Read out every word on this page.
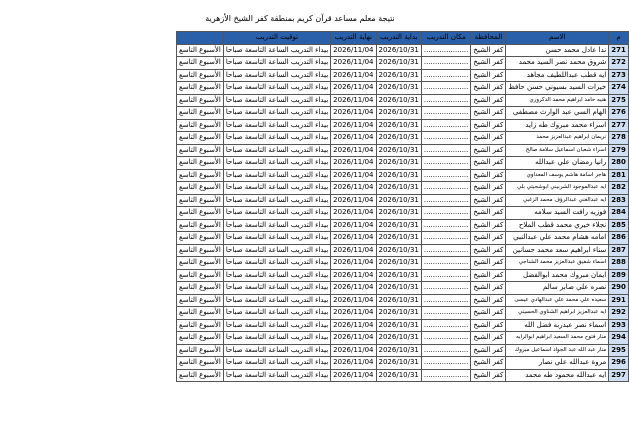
نتيجة معلم مساعد قرآن كريم بمنطقة كفر الشيخ الأزهرية
م	الاسم	المحافظة	مكان التدريب	بداية التدريب	نهاية التدريب	توقيت التدريب	
271	ندا عادل محمد حسن	كفر الشيخ	....................	2026/10/31	2026/11/04	بيداء التدريب الساعة التاسعة صباحا	الأسبوع التاسع
272	شروق محمد نصر السيد محمد	كفر الشيخ	....................	2026/10/31	2026/11/04	بيداء التدريب الساعة التاسعة صباحا	الأسبوع التاسع
273	ايه قطب عبداللطيف مجاهد	كفر الشيخ	....................	2026/10/31	2026/11/04	بيداء التدريب الساعة التاسعة صباحا	الأسبوع التاسع
274	خيرات السيد بسيوني حسن حافظ	كفر الشيخ	....................	2026/10/31	2026/11/04	بيداء التدريب الساعة التاسعة صباحا	الأسبوع التاسع
275	هنيه حامد ابراهيم محمد الدكروري	كفر الشيخ	....................	2026/10/31	2026/11/04	بيداء التدريب الساعة التاسعة صباحا	الأسبوع التاسع
276	الهام السي عبد الوارث مصطفى	كفر الشيخ	....................	2026/10/31	2026/11/04	بيداء التدريب الساعة التاسعة صباحا	الأسبوع التاسع
277	اسراء محمد مبروك طه زايد	كفر الشيخ	....................	2026/10/31	2026/11/04	بيداء التدريب الساعة التاسعة صباحا	الأسبوع التاسع
278	نريمان ابراهيم عبدالعزيز محمد	كفر الشيخ	....................	2026/10/31	2026/11/04	بيداء التدريب الساعة التاسعة صباحا	الأسبوع التاسع
279	اسراء شعبان اسماعيل سلامة صالح	كفر الشيخ	....................	2026/10/31	2026/11/04	بيداء التدريب الساعة التاسعة صباحا	الأسبوع التاسع
280	رانيا رمضان علي عبدالله	كفر الشيخ	....................	2026/10/31	2026/11/04	بيداء التدريب الساعة التاسعة صباحا	الأسبوع التاسع
281	هاجر اسامة هاشم يوسف المعداوي	كفر الشيخ	....................	2026/10/31	2026/11/04	بيداء التدريب الساعة التاسعة صباحا	الأسبوع التاسع
282	ايه عبدالموجود الشربيني ابوشحيتي بلي	كفر الشيخ	....................	2026/10/31	2026/11/04	بيداء التدريب الساعة التاسعة صباحا	الأسبوع التاسع
283	ايه عبدالغني عبدالرؤف محمد الزغبي	كفر الشيخ	....................	2026/10/31	2026/11/04	بيداء التدريب الساعة التاسعة صباحا	الأسبوع التاسع
284	فوزيه رافت السيد سلامه	كفر الشيخ	....................	2026/10/31	2026/11/04	بيداء التدريب الساعة التاسعة صباحا	الأسبوع التاسع
285	نجلاء خيري محمد قطب الملاح	كفر الشيخ	....................	2026/10/31	2026/11/04	بيداء التدريب الساعة التاسعة صباحا	الأسبوع التاسع
286	امامه هشام محمد علي عبدالنبي	كفر الشيخ	....................	2026/10/31	2026/11/04	بيداء التدريب الساعة التاسعة صباحا	الأسبوع التاسع
287	سناء ابراهيم سعد محمد حسانين	كفر الشيخ	....................	2026/10/31	2026/11/04	بيداء التدريب الساعة التاسعة صباحا	الأسبوع التاسع
288	اسماء شفيق عبدالعزيز محمد الشناجي	كفر الشيخ	....................	2026/10/31	2026/11/04	بيداء التدريب الساعة التاسعة صباحا	الأسبوع التاسع
289	ايمان مبروك محمد ابوالفضل	كفر الشيخ	....................	2026/10/31	2026/11/04	بيداء التدريب الساعة التاسعة صباحا	الأسبوع التاسع
290	نصره علي صابر سالم	كفر الشيخ	....................	2026/10/31	2026/11/04	بيداء التدريب الساعة التاسعة صباحا	الأسبوع التاسع
291	سعيده علي محمد علي عبدالهادي عيسى	كفر الشيخ	....................	2026/10/31	2026/11/04	بيداء التدريب الساعة التاسعة صباحا	الأسبوع التاسع
292	ايه عبدالعزيز ابراهيم الشناوي الحسيني	كفر الشيخ	....................	2026/10/31	2026/11/04	بيداء التدريب الساعة التاسعة صباحا	الأسبوع التاسع
293	اسماء نصر عبدربه فضل الله	كفر الشيخ	....................	2026/10/31	2026/11/04	بيداء التدريب الساعة التاسعة صباحا	الأسبوع التاسع
294	منار فتوح محمد السعيد ابراهيم ابوالرايه	كفر الشيخ	....................	2026/10/31	2026/11/04	بيداء التدريب الساعة التاسعة صباحا	الأسبوع التاسع
295	منار عبد الله عبد الجواد اسماعيل مبروك	كفر الشيخ	....................	2026/10/31	2026/11/04	بيداء التدريب الساعة التاسعة صباحا	الأسبوع التاسع
296	مروة عبدالله علي نصار	كفر الشيخ	....................	2026/10/31	2026/11/04	بيداء التدريب الساعة التاسعة صباحا	الأسبوع التاسع
297	ايه عبدالله محمود طه محمد	كفر الشيخ	....................	2026/10/31	2026/11/04	بيداء التدريب الساعة التاسعة صباحا	الأسبوع التاسع
